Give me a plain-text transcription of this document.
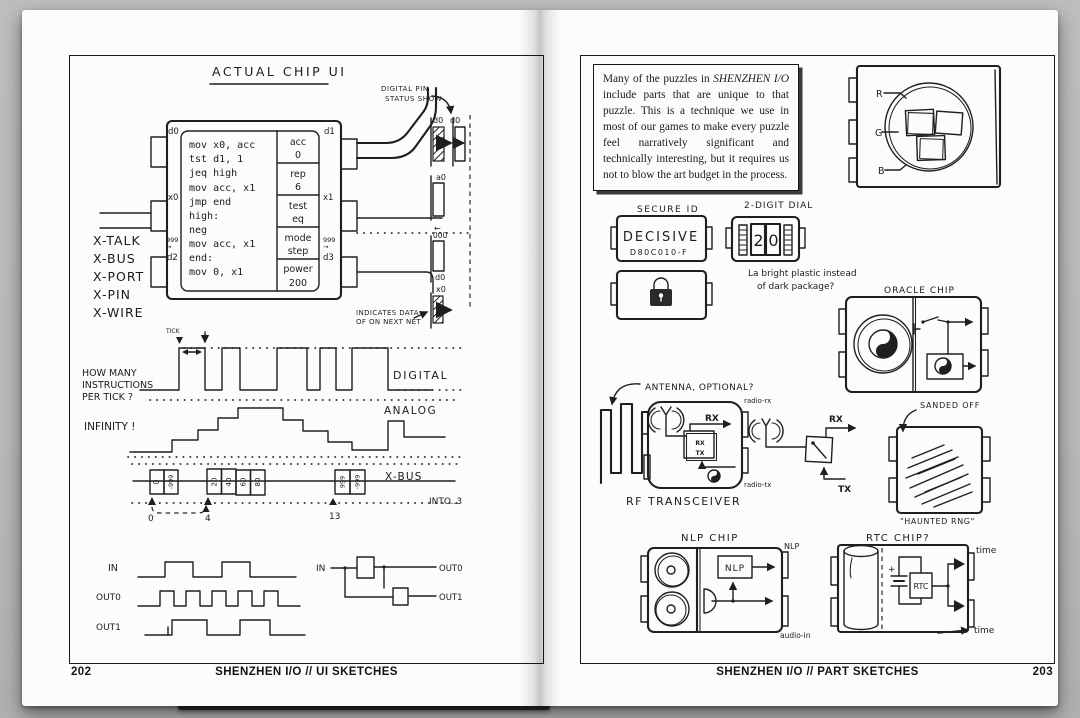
202	SHENZHEN I/O // UI SKETCHES	SHENZHEN I/O // PART SKETCHES	203
Many of the puzzles in SHENZHEN I/O include parts that are unique to that puzzle. This is a technique we use in most of our games to make every puzzle feel narratively significant and technically interesting, but it requires us not to blow the art budget in the process.
ACTUAL CHIP UI
d0
x0
999
→
d2
d1
x1
999
→
d3
mov x0, acc
tst d1, 1
jeq high
mov acc, x1
jmp end
high:
neg
mov acc, x1
end:
mov 0, x1
acc
0
rep
6
test
eq
mode
step
power
200
DIGITAL PIN
STATUS SHOW
d0 d0
a0
←
000
d0
x0
INDICATES DATA
OF ON NEXT NET
X-TALK
X-BUS
X-PORT
X-PIN
X-WIRE
HOW MANY
INSTRUCTIONS
PER TICK ?
INFINITY !
TICK
DIGITAL
ANALOG
0 -999	20 40 60 80	999 -999 X-BUS
0	4	13
INTO..3
IN
OUT0
OUT1
IN	OUT0
OUT1
R
G
B
SECURE ID
DECISIVE
D80C010-F
2-DIGIT DIAL
2 0
La bright plastic instead
of dark package?	ORACLE CHIP
ANTENNA, OPTIONAL?
RX
TX
RX
radio-rx
radio-tx
RF TRANSCEIVER
RX
TX
SANDED OFF
"HAUNTED RNG"
NLP CHIP
NLP
NLP
audio-in
RTC CHIP?
+
RTC
time
time
